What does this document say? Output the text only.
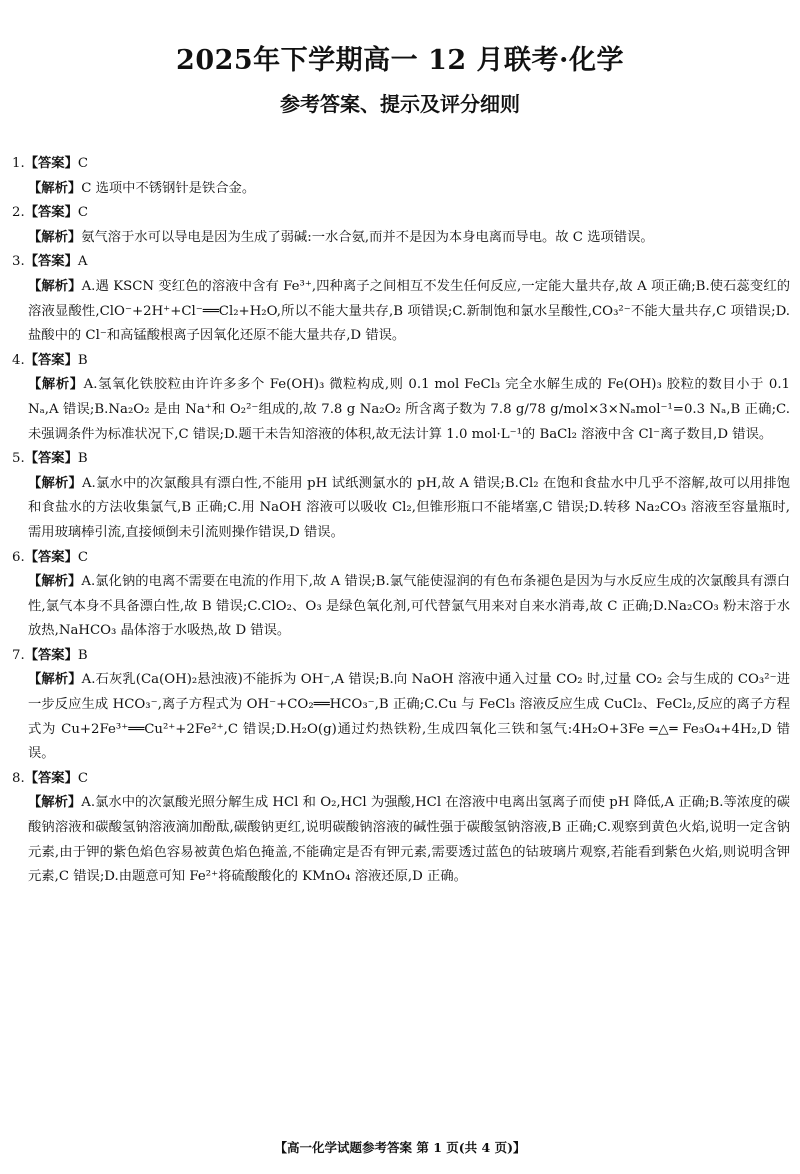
2025年下学期高一 12 月联考·化学
参考答案、提示及评分细则

1.【答案】C

【解析】C 选项中不锈钢针是铁合金。

2.【答案】C

【解析】氨气溶于水可以导电是因为生成了弱碱:一水合氨,而并不是因为本身电离而导电。故 C 选项错误。

3.【答案】A

【解析】A.遇 KSCN 变红色的溶液中含有 Fe³⁺,四种离子之间相互不发生任何反应,一定能大量共存,故 A 项正确;B.使石蕊变红的溶液显酸性,ClO⁻+2H⁺+Cl⁻══Cl₂+H₂O,所以不能大量共存,B 项错误;C.新制饱和氯水呈酸性,CO₃²⁻不能大量共存,C 项错误;D.盐酸中的 Cl⁻和高锰酸根离子因氧化还原不能大量共存,D 错误。

4.【答案】B

【解析】A.氢氧化铁胶粒由许许多多个 Fe(OH)₃ 微粒构成,则 0.1 mol FeCl₃ 完全水解生成的 Fe(OH)₃ 胶粒的数目小于 0.1 Nₐ,A 错误;B.Na₂O₂ 是由 Na⁺和 O₂²⁻组成的,故 7.8 g Na₂O₂ 所含离子数为 7.8 g/78 g/mol×3×Nₐmol⁻¹=0.3 Nₐ,B 正确;C.未强调条件为标准状况下,C 错误;D.题干未告知溶液的体积,故无法计算 1.0 mol·L⁻¹的 BaCl₂ 溶液中含 Cl⁻离子数目,D 错误。

5.【答案】B

【解析】A.氯水中的次氯酸具有漂白性,不能用 pH 试纸测氯水的 pH,故 A 错误;B.Cl₂ 在饱和食盐水中几乎不溶解,故可以用排饱和食盐水的方法收集氯气,B 正确;C.用 NaOH 溶液可以吸收 Cl₂,但锥形瓶口不能堵塞,C 错误;D.转移 Na₂CO₃ 溶液至容量瓶时,需用玻璃棒引流,直接倾倒未引流则操作错误,D 错误。

6.【答案】C

【解析】A.氯化钠的电离不需要在电流的作用下,故 A 错误;B.氯气能使湿润的有色布条褪色是因为与水反应生成的次氯酸具有漂白性,氯气本身不具备漂白性,故 B 错误;C.ClO₂、O₃ 是绿色氧化剂,可代替氯气用来对自来水消毒,故 C 正确;D.Na₂CO₃ 粉末溶于水放热,NaHCO₃ 晶体溶于水吸热,故 D 错误。

7.【答案】B

【解析】A.石灰乳(Ca(OH)₂悬浊液)不能拆为 OH⁻,A 错误;B.向 NaOH 溶液中通入过量 CO₂ 时,过量 CO₂ 会与生成的 CO₃²⁻进一步反应生成 HCO₃⁻,离子方程式为 OH⁻+CO₂══HCO₃⁻,B 正确;C.Cu 与 FeCl₃ 溶液反应生成 CuCl₂、FeCl₂,反应的离子方程式为 Cu+2Fe³⁺══Cu²⁺+2Fe²⁺,C 错误;D.H₂O(g)通过灼热铁粉,生成四氧化三铁和氢气:4H₂O+3Fe ═△═ Fe₃O₄+4H₂,D 错误。

8.【答案】C

【解析】A.氯水中的次氯酸光照分解生成 HCl 和 O₂,HCl 为强酸,HCl 在溶液中电离出氢离子而使 pH 降低,A 正确;B.等浓度的碳酸钠溶液和碳酸氢钠溶液滴加酚酞,碳酸钠更红,说明碳酸钠溶液的碱性强于碳酸氢钠溶液,B 正确;C.观察到黄色火焰,说明一定含钠元素,由于钾的紫色焰色容易被黄色焰色掩盖,不能确定是否有钾元素,需要透过蓝色的钴玻璃片观察,若能看到紫色火焰,则说明含钾元素,C 错误;D.由题意可知 Fe²⁺将硫酸酸化的 KMnO₄ 溶液还原,D 正确。

【高一化学试题参考答案 第 1 页(共 4 页)】
